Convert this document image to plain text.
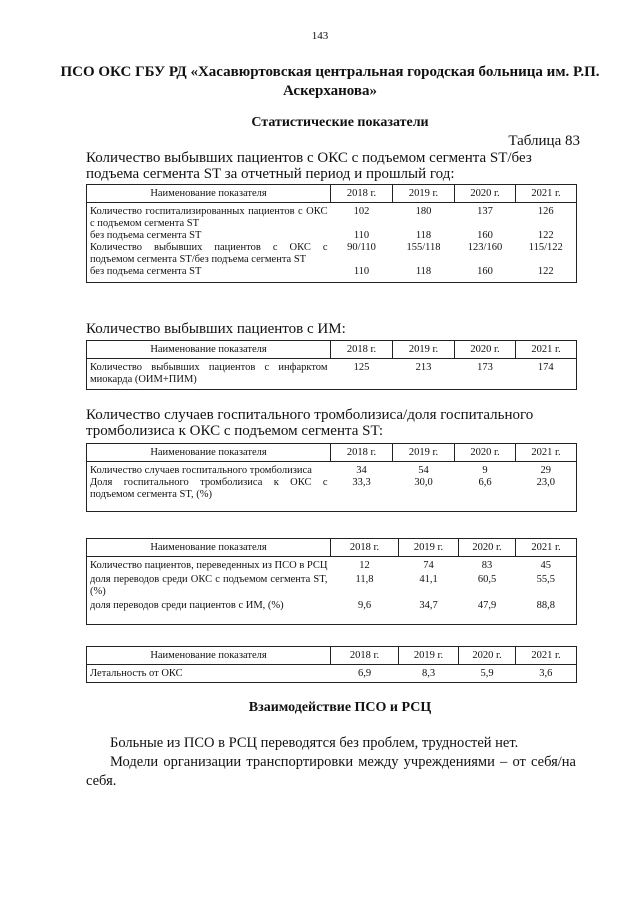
143
ПСО ОКС ГБУ РД «Хасавюртовская центральная городская больница им. Р.П. Аскерханова»
Статистические показатели
Таблица 83
Количество выбывших пациентов с ОКС с подъемом сегмента ST/без
подъема сегмента ST за отчетный период и прошлый год:
Наименование показателя	2018 г.	2019 г.	2020 г.	2021 г.
Количество госпитализированных пациентов с ОКС с подъемом сегмента ST	102	180	137	126
без подъема сегмента ST	110	118	160	122
Количество выбывших пациентов с ОКС с подъемом сегмента ST/без подъема сегмента ST	90/110	155/118	123/160	115/122
без подъема сегмента ST	110	118	160	122
Количество выбывших пациентов с ИМ:
Наименование показателя	2018 г.	2019 г.	2020 г.	2021 г.
Количество выбывших пациентов с инфарктом миокарда (ОИМ+ПИМ)	125	213	173	174
Количество случаев госпитального тромболизиса/доля госпитального
тромболизиса к ОКС с подъемом сегмента ST:
Наименование показателя	2018 г.	2019 г.	2020 г.	2021 г.
Количество случаев госпитального тромболизиса	34	54	9	29
Доля госпитального тромболизиса к ОКС с подъемом сегмента ST, (%)	33,3	30,0	6,6	23,0
Наименование показателя	2018 г.	2019 г.	2020 г.	2021 г.
Количество пациентов, переведенных из ПСО в РСЦ	12	74	83	45
доля переводов среди ОКС с подъемом сегмента ST, (%)	11,8	41,1	60,5	55,5
доля переводов среди пациентов с ИМ, (%)	9,6	34,7	47,9	88,8
Наименование показателя	2018 г.	2019 г.	2020 г.	2021 г.
Летальность от ОКС	6,9	8,3	5,9	3,6
Взаимодействие ПСО и РСЦ

Больные из ПСО в РСЦ переводятся без проблем, трудностей нет.

Модели организации транспортировки между учреждениями – от себя/на себя.
